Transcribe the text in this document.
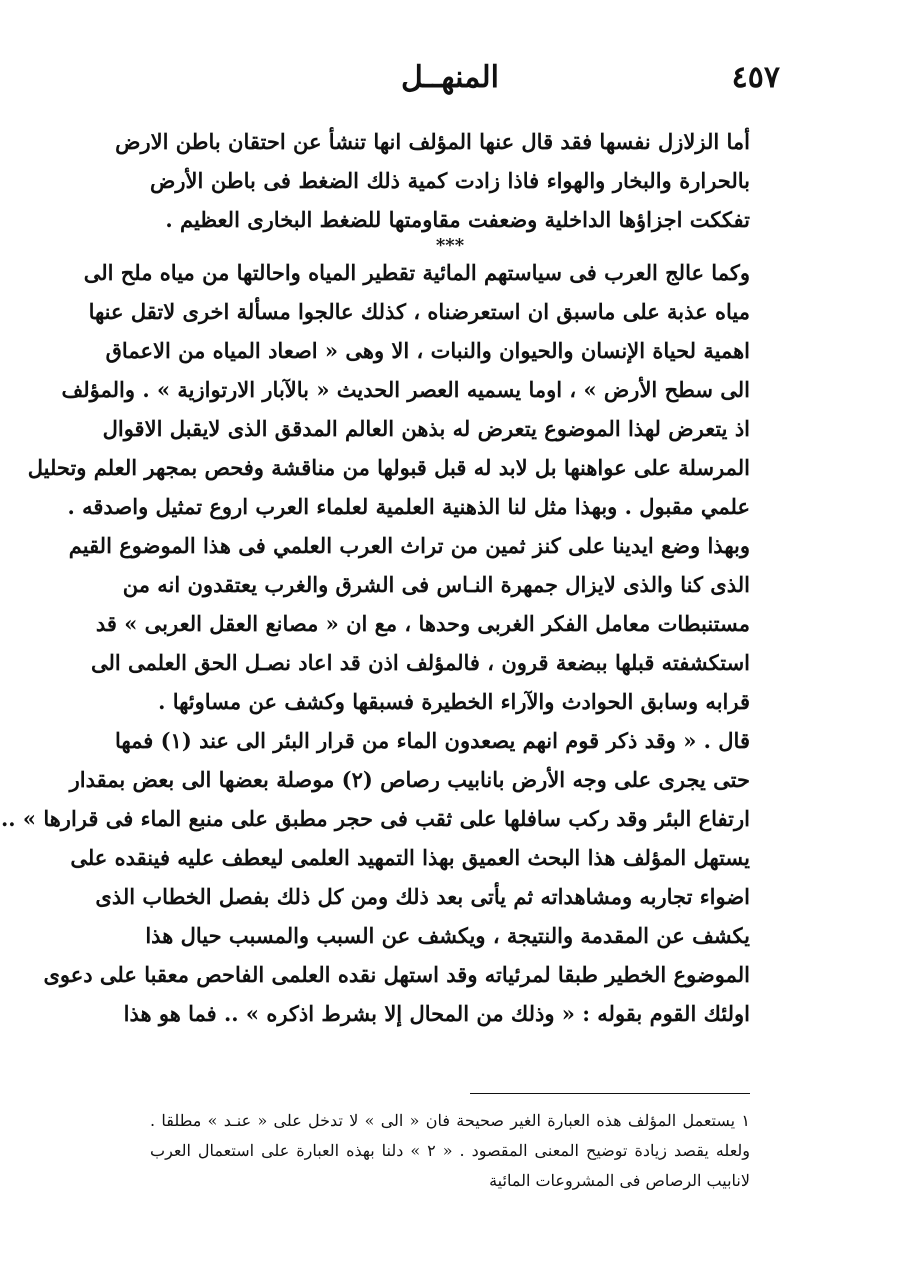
٤٥٧
المنهــل
أما الزلازل نفسها فقد قال عنها المؤلف انها تنشأ عن احتقان باطن الارض
بالحرارة والبخار والهواء فاذا زادت كمية ذلك الضغط فى باطن الأرض
تفككت اجزاؤها الداخلية وضعفت مقاومتها للضغط البخارى العظيم .
***
وكما عالج العرب فى سياستهم المائية تقطير المياه واحالتها من مياه ملح الى
مياه عذبة على ماسبق ان استعرضناه ، كذلك عالجوا مسألة اخرى لاتقل عنها
اهمية لحياة الإنسان والحيوان والنبات ، الا وهى « اصعاد المياه من الاعماق
الى سطح الأرض » ، اوما يسميه العصر الحديث « بالآبار الارتوازية » . والمؤلف
اذ يتعرض لهذا الموضوع يتعرض له بذهن العالم المدقق الذى لايقبل الاقوال
المرسلة على عواهنها بل لابد له قبل قبولها من مناقشة وفحص بمجهر العلم وتحليل
علمي مقبول . وبهذا مثل لنا الذهنية العلمية لعلماء العرب اروع تمثيل واصدقه .
وبهذا وضع ايدينا على كنز ثمين من تراث العرب العلمي فى هذا الموضوع القيم
الذى كنا والذى لايزال جمهرة النـاس فى الشرق والغرب يعتقدون انه من
مستنبطات معامل الفكر الغربى وحدها ، مع ان « مصانع العقل العربى » قد
استكشفته قبلها ببضعة قرون ، فالمؤلف اذن قد اعاد نصـل الحق العلمى الى
قرابه وسابق الحوادث والآراء الخطيرة فسبقها وكشف عن مساوئها .
قال . « وقد ذكر قوم انهم يصعدون الماء من قرار البئر الى عند (١) فمها
حتى يجرى على وجه الأرض بانابيب رصاص (٢) موصلة بعضها الى بعض بمقدار
ارتفاع البئر وقد ركب سافلها على ثقب فى حجر مطبق على منبع الماء فى قرارها » ..
يستهل المؤلف هذا البحث العميق بهذا التمهيد العلمى ليعطف عليه فينقده على
اضواء تجاربه ومشاهداته ثم يأتى بعد ذلك ومن كل ذلك بفصل الخطاب الذى
يكشف عن المقدمة والنتيجة ، ويكشف عن السبب والمسبب حيال هذا
الموضوع الخطير طبقا لمرئياته وقد استهل نقده العلمى الفاحص معقبا على دعوى
اولئك القوم بقوله : « وذلك من المحال إلا بشرط اذكره » .. فما هو هذا
١ يستعمل المؤلف هذه العبارة الغير صحيحة فان « الى » لا تدخل على « عنـد » مطلقا .
ولعله يقصد زيادة توضيح المعنى المقصود . « ٢ » دلنا بهذه العبارة على استعمال العرب
لانابيب الرصاص فى المشروعات المائية
